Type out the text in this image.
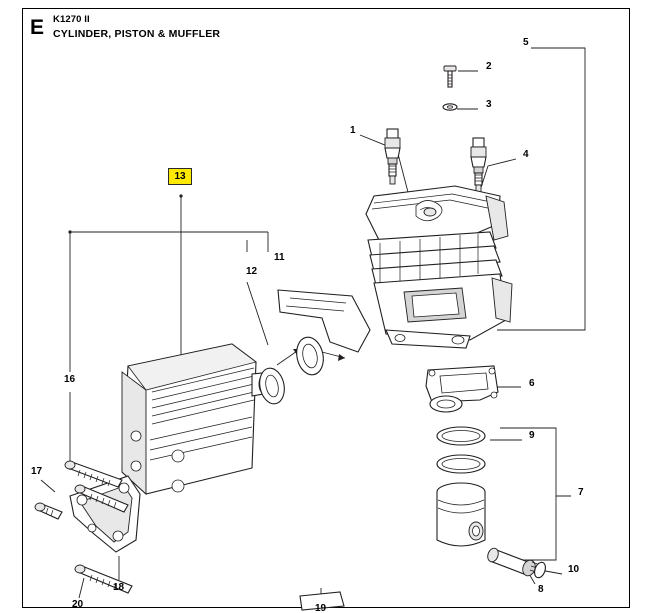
E K1270 II
CYLINDER, PISTON & MUFFLER
1
2
3
4
5
6
7
8
9
10
11
12
16
17
18
19
20
13
